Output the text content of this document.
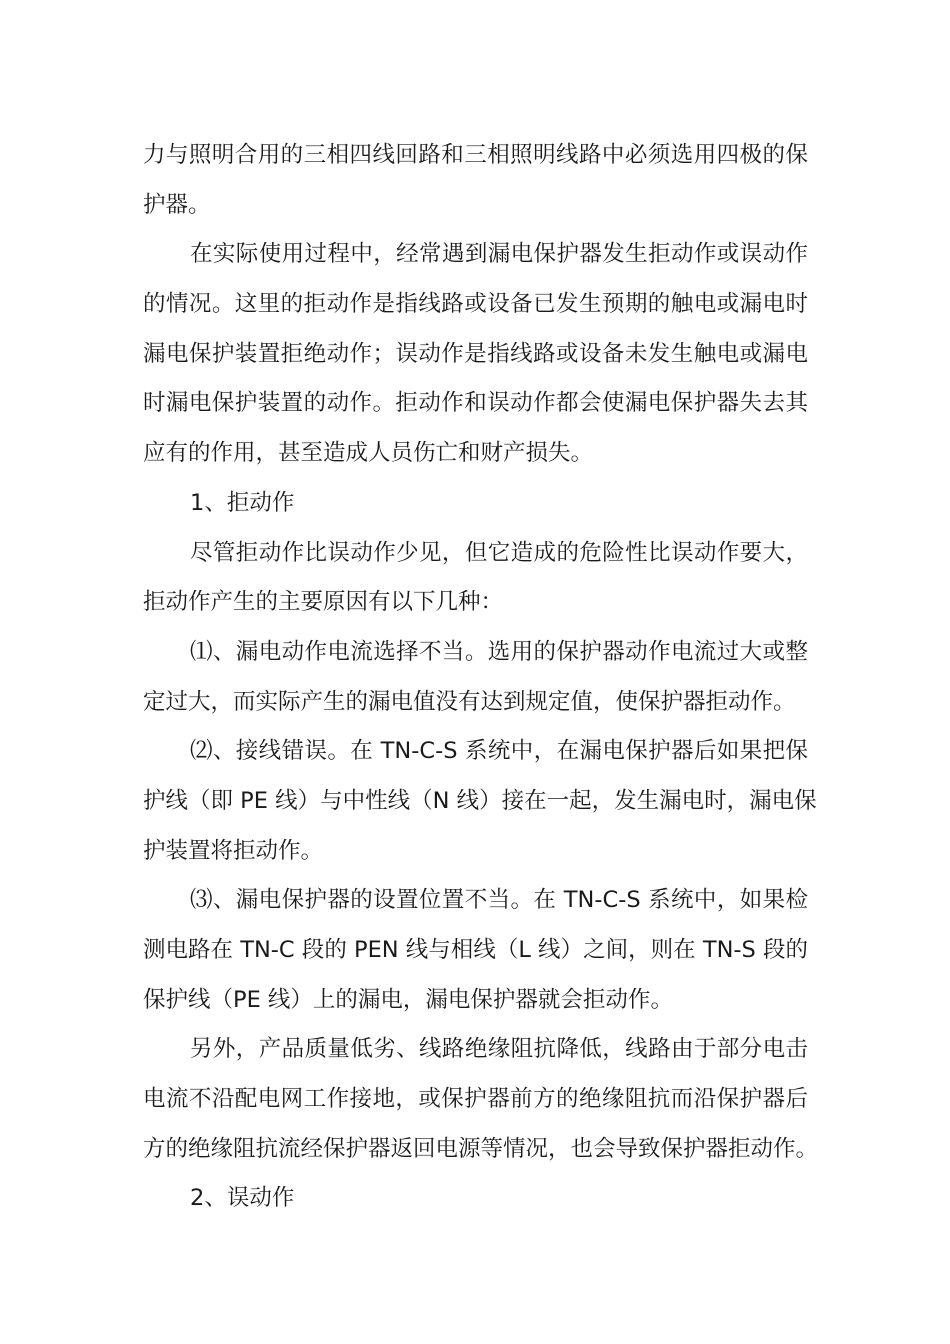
力与照明合用的三相四线回路和三相照明线路中必须选用四极的保
护器。
在实际使用过程中，经常遇到漏电保护器发生拒动作或误动作
的情况。这里的拒动作是指线路或设备已发生预期的触电或漏电时
漏电保护装置拒绝动作；误动作是指线路或设备未发生触电或漏电
时漏电保护装置的动作。拒动作和误动作都会使漏电保护器失去其
应有的作用，甚至造成人员伤亡和财产损失。
1、拒动作
尽管拒动作比误动作少见，但它造成的危险性比误动作要大，
拒动作产生的主要原因有以下几种：
⑴、漏电动作电流选择不当。选用的保护器动作电流过大或整
定过大，而实际产生的漏电值没有达到规定值，使保护器拒动作。
⑵、接线错误。在 TN-C-S 系统中，在漏电保护器后如果把保
护线（即 PE 线）与中性线（N 线）接在一起，发生漏电时，漏电保
护装置将拒动作。
⑶、漏电保护器的设置位置不当。在 TN-C-S 系统中，如果检
测电路在 TN-C 段的 PEN 线与相线（L 线）之间，则在 TN-S 段的
保护线（PE 线）上的漏电，漏电保护器就会拒动作。
另外，产品质量低劣、线路绝缘阻抗降低，线路由于部分电击
电流不沿配电网工作接地，或保护器前方的绝缘阻抗而沿保护器后
方的绝缘阻抗流经保护器返回电源等情况，也会导致保护器拒动作。
2、误动作
